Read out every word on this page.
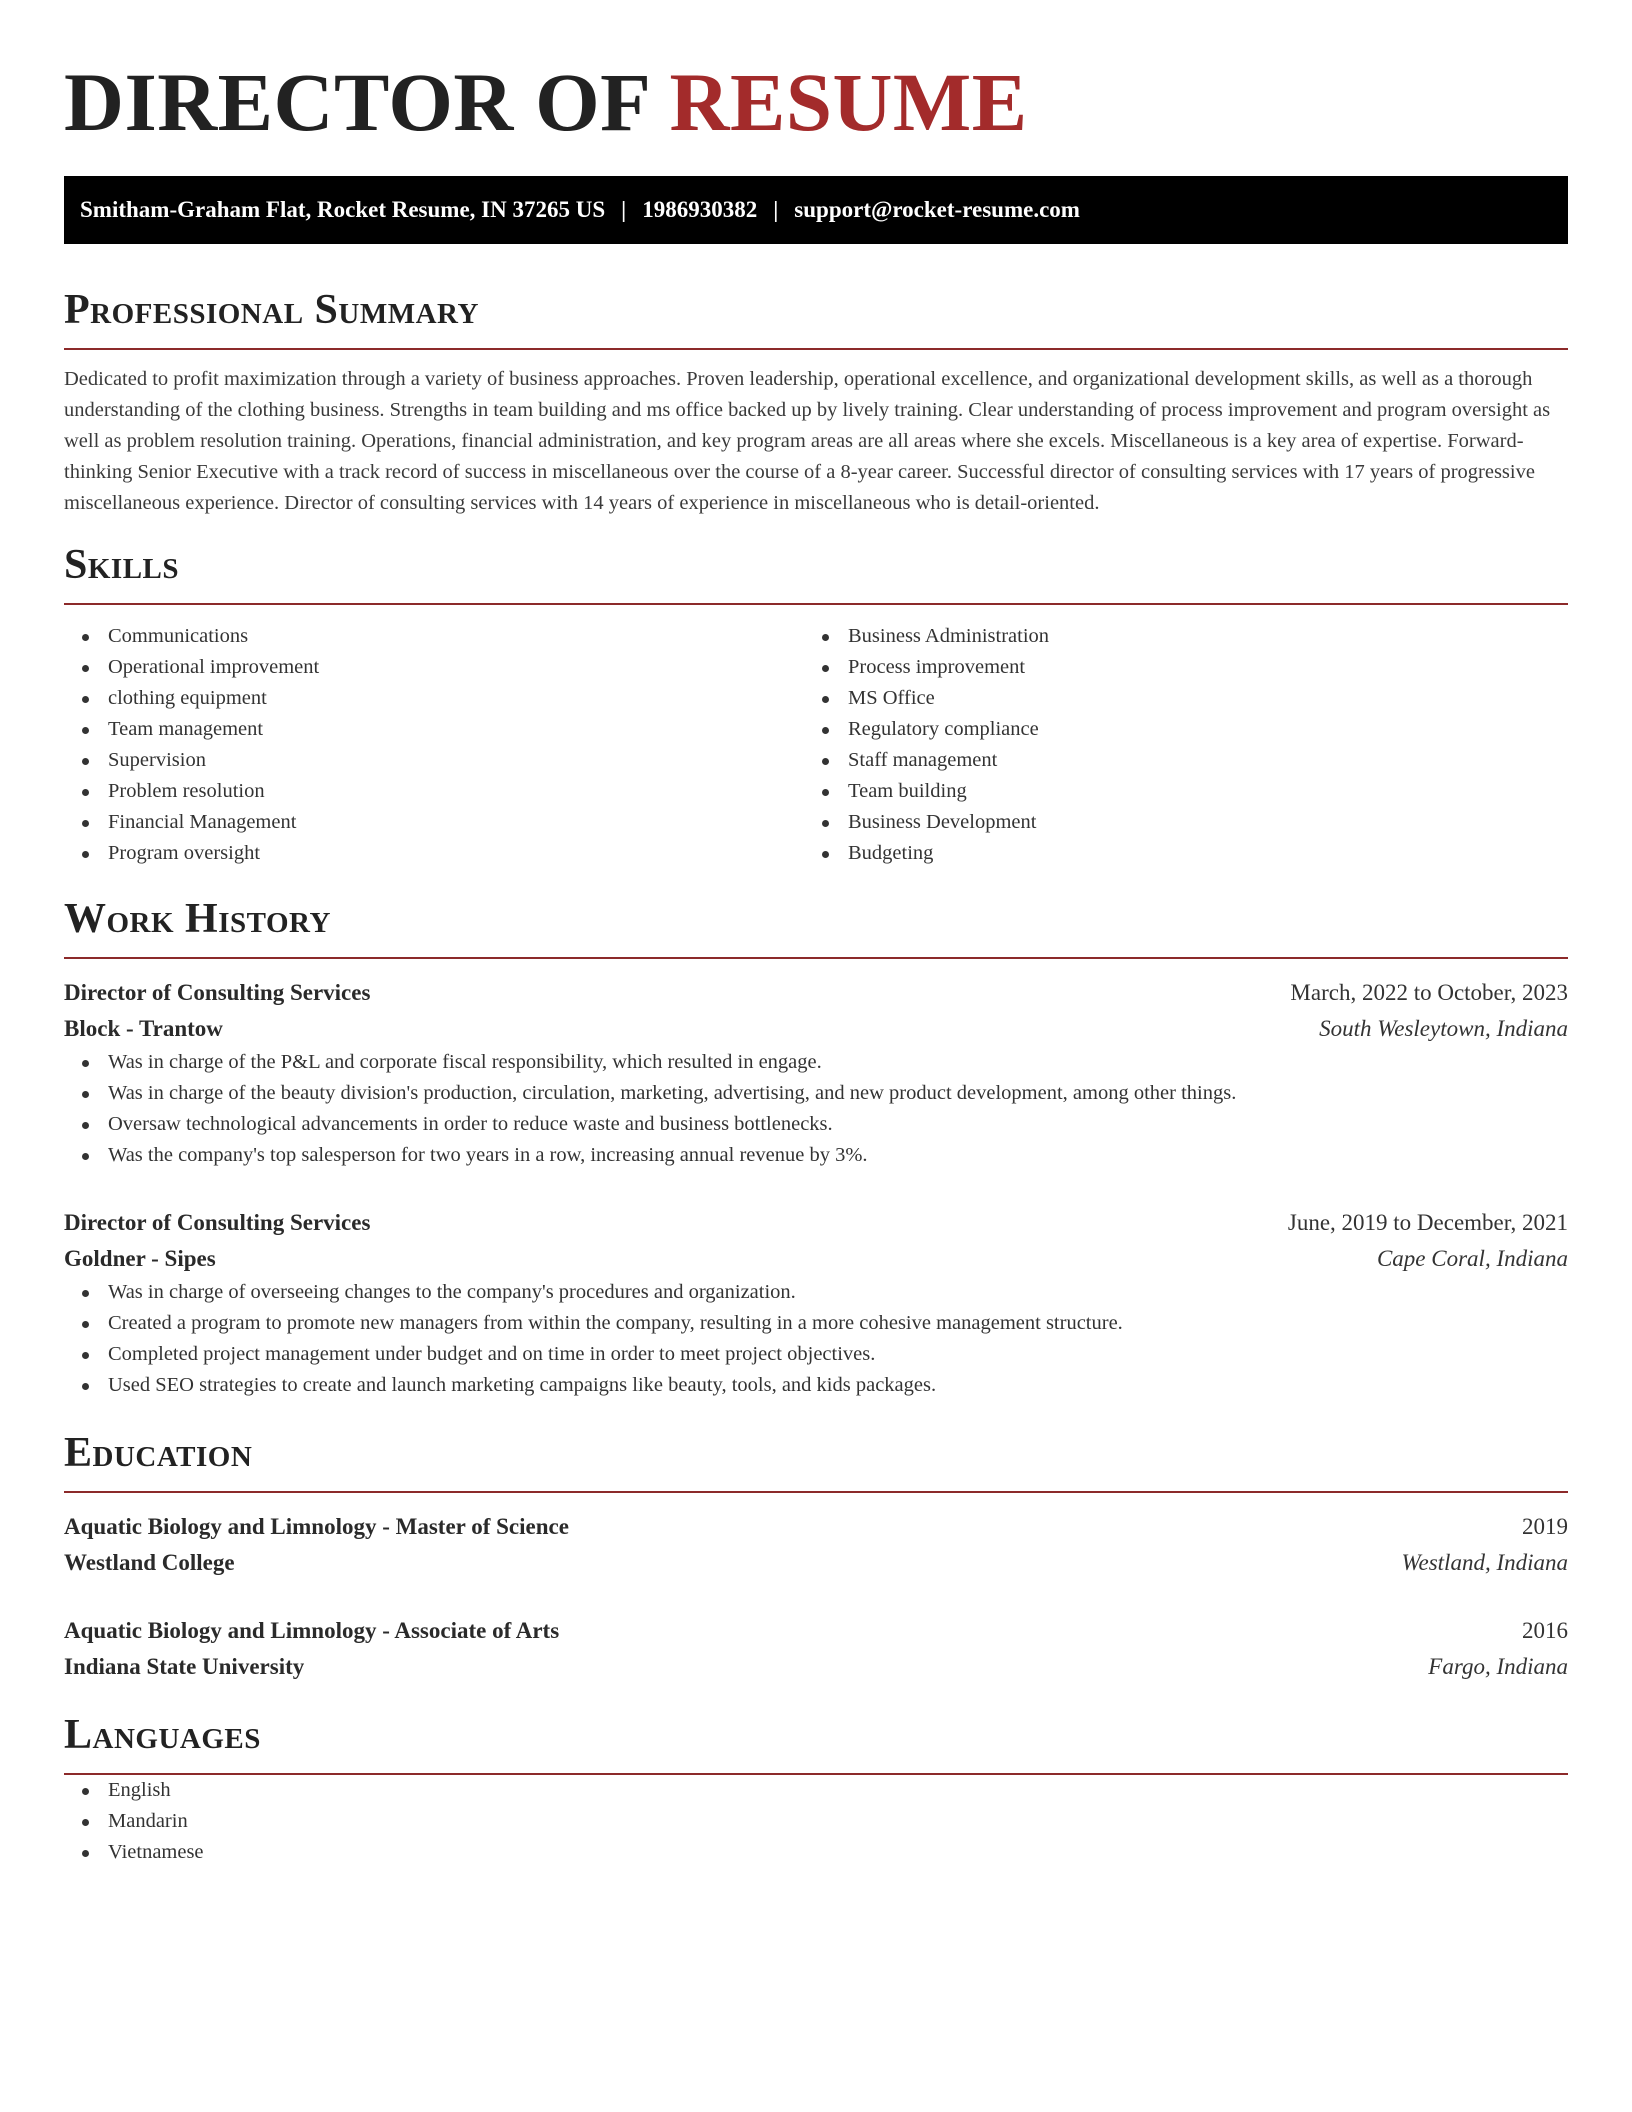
DIRECTOR OF RESUME
Smitham-Graham Flat, Rocket Resume, IN 37265 US | 1986930382 | support@rocket-resume.com
Professional Summary

Dedicated to profit maximization through a variety of business approaches. Proven leadership, operational excellence, and organizational development skills, as well as a thorough understanding of the clothing business. Strengths in team building and ms office backed up by lively training. Clear understanding of process improvement and program oversight as well as problem resolution training. Operations, financial administration, and key program areas are all areas where she excels. Miscellaneous is a key area of expertise. Forward-thinking Senior Executive with a track record of success in miscellaneous over the course of a 8-year career. Successful director of consulting services with 17 years of progressive miscellaneous experience. Director of consulting services with 14 years of experience in miscellaneous who is detail-oriented.

Skills
Communications
Operational improvement
clothing equipment
Team management
Supervision
Problem resolution
Financial Management
Program oversight
Business Administration
Process improvement
MS Office
Regulatory compliance
Staff management
Team building
Business Development
Budgeting
Work History
Director of Consulting Services	March, 2022 to October, 2023
Block - Trantow	South Wesleytown, Indiana
Was in charge of the P&L and corporate fiscal responsibility, which resulted in engage.
Was in charge of the beauty division's production, circulation, marketing, advertising, and new product development, among other things.
Oversaw technological advancements in order to reduce waste and business bottlenecks.
Was the company's top salesperson for two years in a row, increasing annual revenue by 3%.
Director of Consulting Services	June, 2019 to December, 2021
Goldner - Sipes	Cape Coral, Indiana
Was in charge of overseeing changes to the company's procedures and organization.
Created a program to promote new managers from within the company, resulting in a more cohesive management structure.
Completed project management under budget and on time in order to meet project objectives.
Used SEO strategies to create and launch marketing campaigns like beauty, tools, and kids packages.
Education
Aquatic Biology and Limnology - Master of Science	2019
Westland College	Westland, Indiana
Aquatic Biology and Limnology - Associate of Arts	2016
Indiana State University	Fargo, Indiana
Languages
English
Mandarin
Vietnamese
